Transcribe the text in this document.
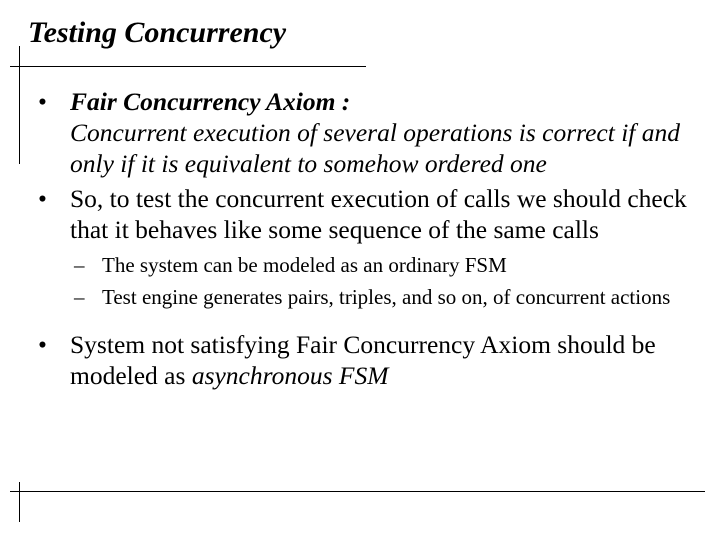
Testing Concurrency
• Fair Concurrency Axiom :
Concurrent execution of several operations is correct if and only if it is equivalent to somehow ordered one
• So, to test the concurrent execution of calls we should check that it behaves like some sequence of the same calls
– The system can be modeled as an ordinary FSM
– Test engine generates pairs, triples, and so on, of concurrent actions
• System not satisfying Fair Concurrency Axiom should be modeled as asynchronous FSM
